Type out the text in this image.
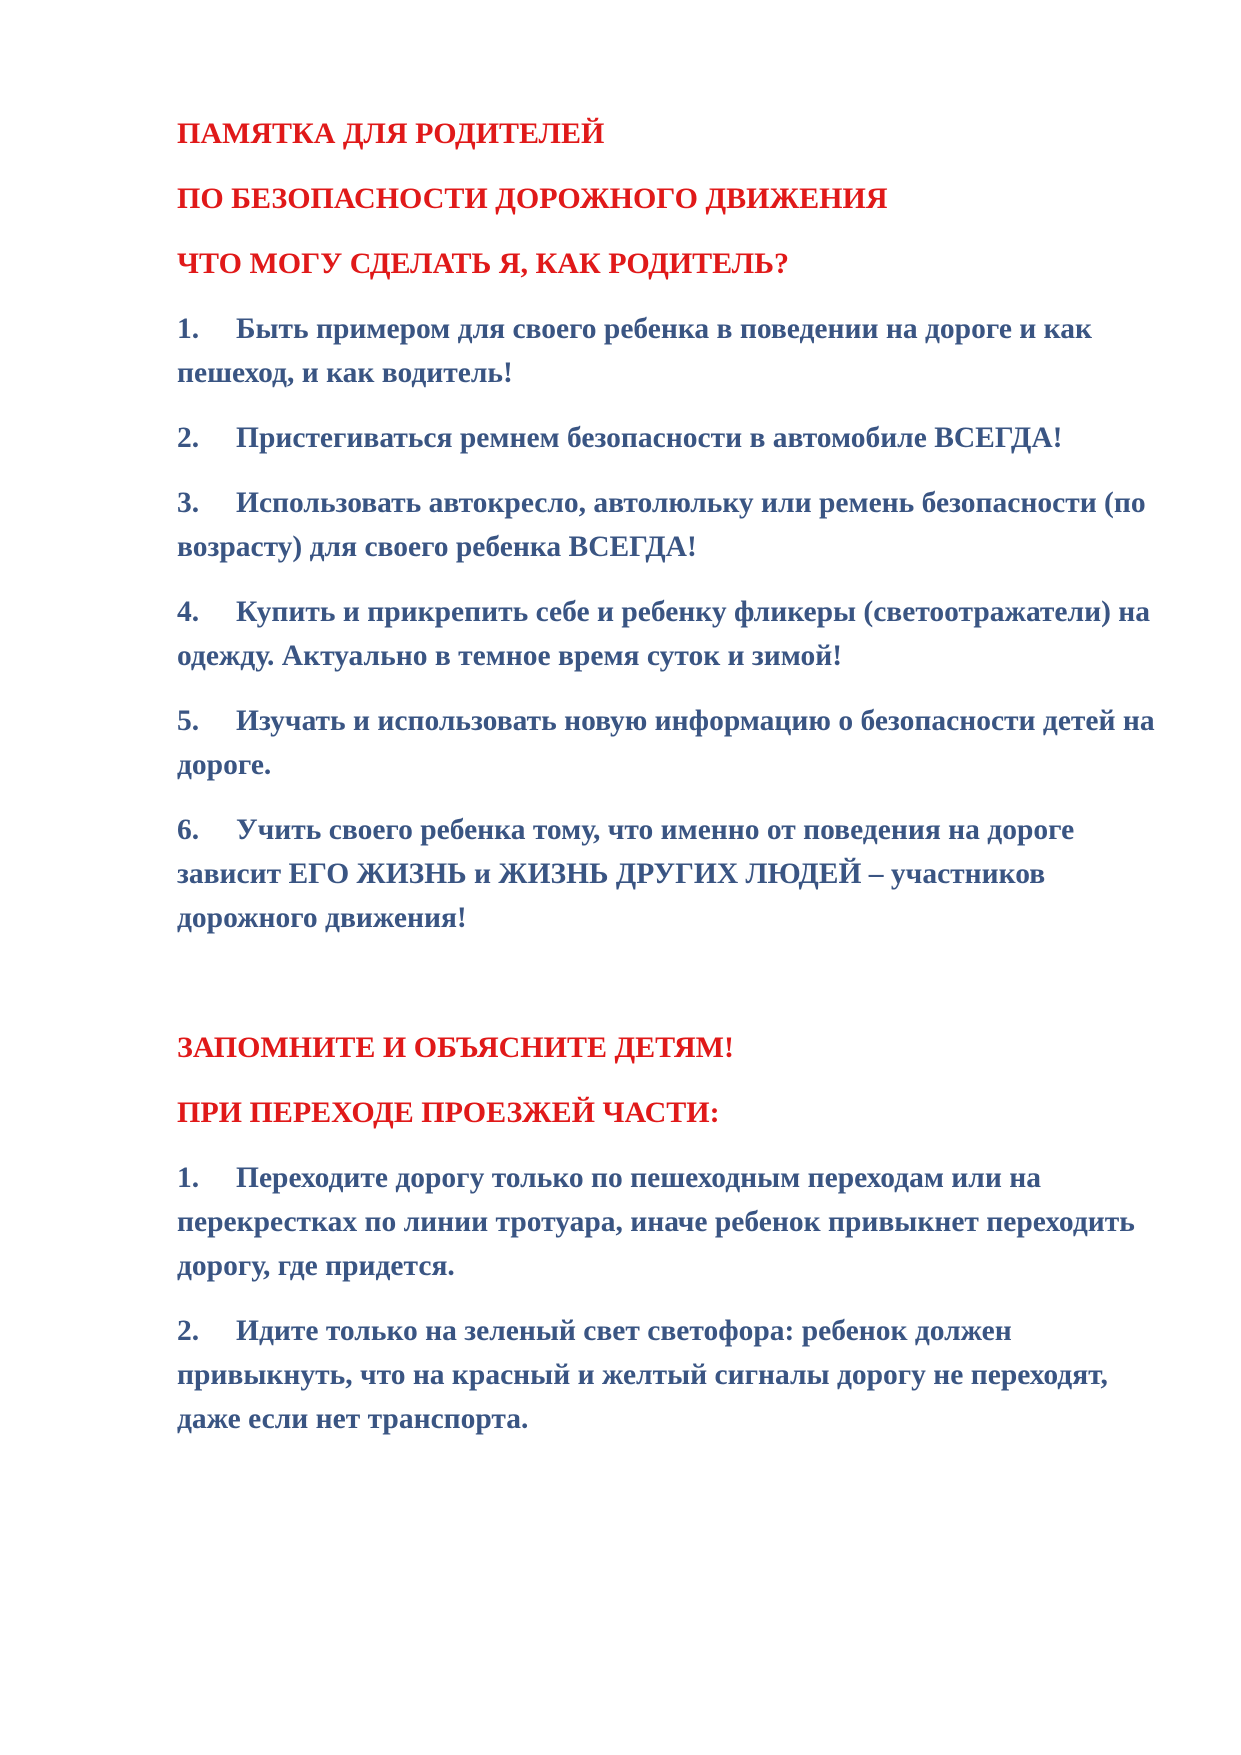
ПАМЯТКА ДЛЯ РОДИТЕЛЕЙ
ПО БЕЗОПАСНОСТИ ДОРОЖНОГО ДВИЖЕНИЯ
ЧТО МОГУ СДЕЛАТЬ Я, КАК РОДИТЕЛЬ?
1. Быть примером для своего ребенка в поведении на дороге и как пешеход, и как водитель!
2. Пристегиваться ремнем безопасности в автомобиле ВСЕГДА!
3. Использовать автокресло, автолюльку или ремень безопасности (по возрасту) для своего ребенка ВСЕГДА!
4. Купить и прикрепить себе и ребенку фликеры (светоотражатели) на одежду. Актуально в темное время суток и зимой!
5. Изучать и использовать новую информацию о безопасности детей на дороге.
6. Учить своего ребенка тому, что именно от поведения на дороге зависит ЕГО ЖИЗНЬ и ЖИЗНЬ ДРУГИХ ЛЮДЕЙ – участников дорожного движения!
ЗАПОМНИТЕ И ОБЪЯСНИТЕ ДЕТЯМ!
ПРИ ПЕРЕХОДЕ ПРОЕЗЖЕЙ ЧАСТИ:
1. Переходите дорогу только по пешеходным переходам или на перекрестках по линии тротуара, иначе ребенок привыкнет переходить дорогу, где придется.
2. Идите только на зеленый свет светофора: ребенок должен привыкнуть, что на красный и желтый сигналы дорогу не переходят, даже если нет транспорта.
